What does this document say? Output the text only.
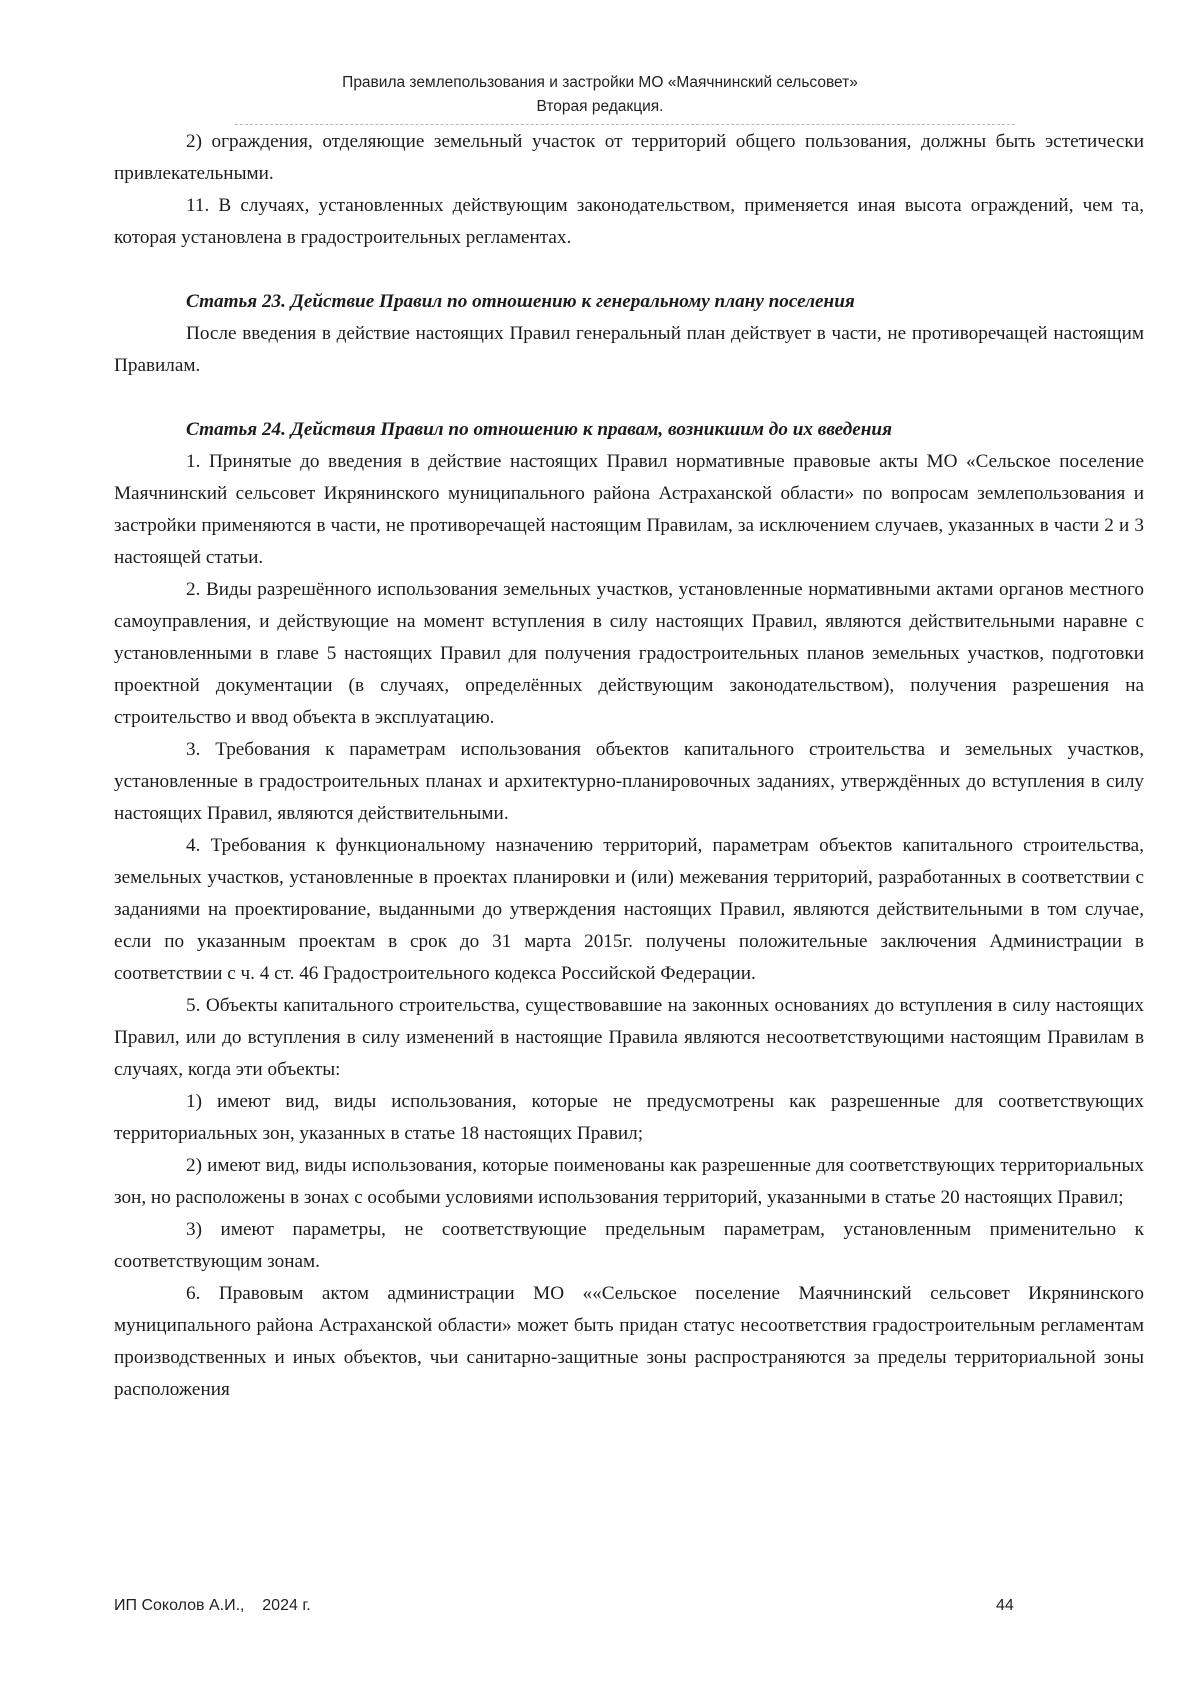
Правила землепользования и застройки МО «Маячнинский сельсовет»
Вторая редакция.

2) ограждения, отделяющие земельный участок от территорий общего пользования, должны быть эстетически привлекательными.

11. В случаях, установленных действующим законодательством, применяется иная высота ограждений, чем та, которая установлена в градостроительных регламентах.

Статья 23. Действие Правил по отношению к генеральному плану поселения

После введения в действие настоящих Правил генеральный план действует в части, не противоречащей настоящим Правилам.

Статья 24. Действия Правил по отношению к правам, возникшим до их введения

1. Принятые до введения в действие настоящих Правил нормативные правовые акты МО «Сельское поселение Маячнинский сельсовет Икрянинского муниципального района Астраханской области» по вопросам землепользования и застройки применяются в части, не противоречащей настоящим Правилам, за исключением случаев, указанных в части 2 и 3 настоящей статьи.

2. Виды разрешённого использования земельных участков, установленные нормативными актами органов местного самоуправления, и действующие на момент вступления в силу настоящих Правил, являются действительными наравне с установленными в главе 5 настоящих Правил для получения градостроительных планов земельных участков, подготовки проектной документации (в случаях, определённых действующим законодательством), получения разрешения на строительство и ввод объекта в эксплуатацию.

3. Требования к параметрам использования объектов капитального строительства и земельных участков, установленные в градостроительных планах и архитектурно-планировочных заданиях, утверждённых до вступления в силу настоящих Правил, являются действительными.

4. Требования к функциональному назначению территорий, параметрам объектов капитального строительства, земельных участков, установленные в проектах планировки и (или) межевания территорий, разработанных в соответствии с заданиями на проектирование, выданными до утверждения настоящих Правил, являются действительными в том случае, если по указанным проектам в срок до 31 марта 2015г. получены положительные заключения Администрации в соответствии с ч. 4 ст. 46 Градостроительного кодекса Российской Федерации.

5. Объекты капитального строительства, существовавшие на законных основаниях до вступления в силу настоящих Правил, или до вступления в силу изменений в настоящие Правила являются несоответствующими настоящим Правилам в случаях, когда эти объекты:

1) имеют вид, виды использования, которые не предусмотрены как разрешенные для соответствующих территориальных зон, указанных в статье 18 настоящих Правил;

2) имеют вид, виды использования, которые поименованы как разрешенные для соответствующих территориальных зон, но расположены в зонах с особыми условиями использования территорий, указанными в статье 20 настоящих Правил;

3) имеют параметры, не соответствующие предельным параметрам, установленным применительно к соответствующим зонам.

6. Правовым актом администрации МО ««Сельское поселение Маячнинский сельсовет Икрянинского муниципального района Астраханской области» может быть придан статус несоответствия градостроительным регламентам производственных и иных объектов, чьи санитарно-защитные зоны распространяются за пределы территориальной зоны расположения

ИП Соколов А.И.,    2024 г.	44
